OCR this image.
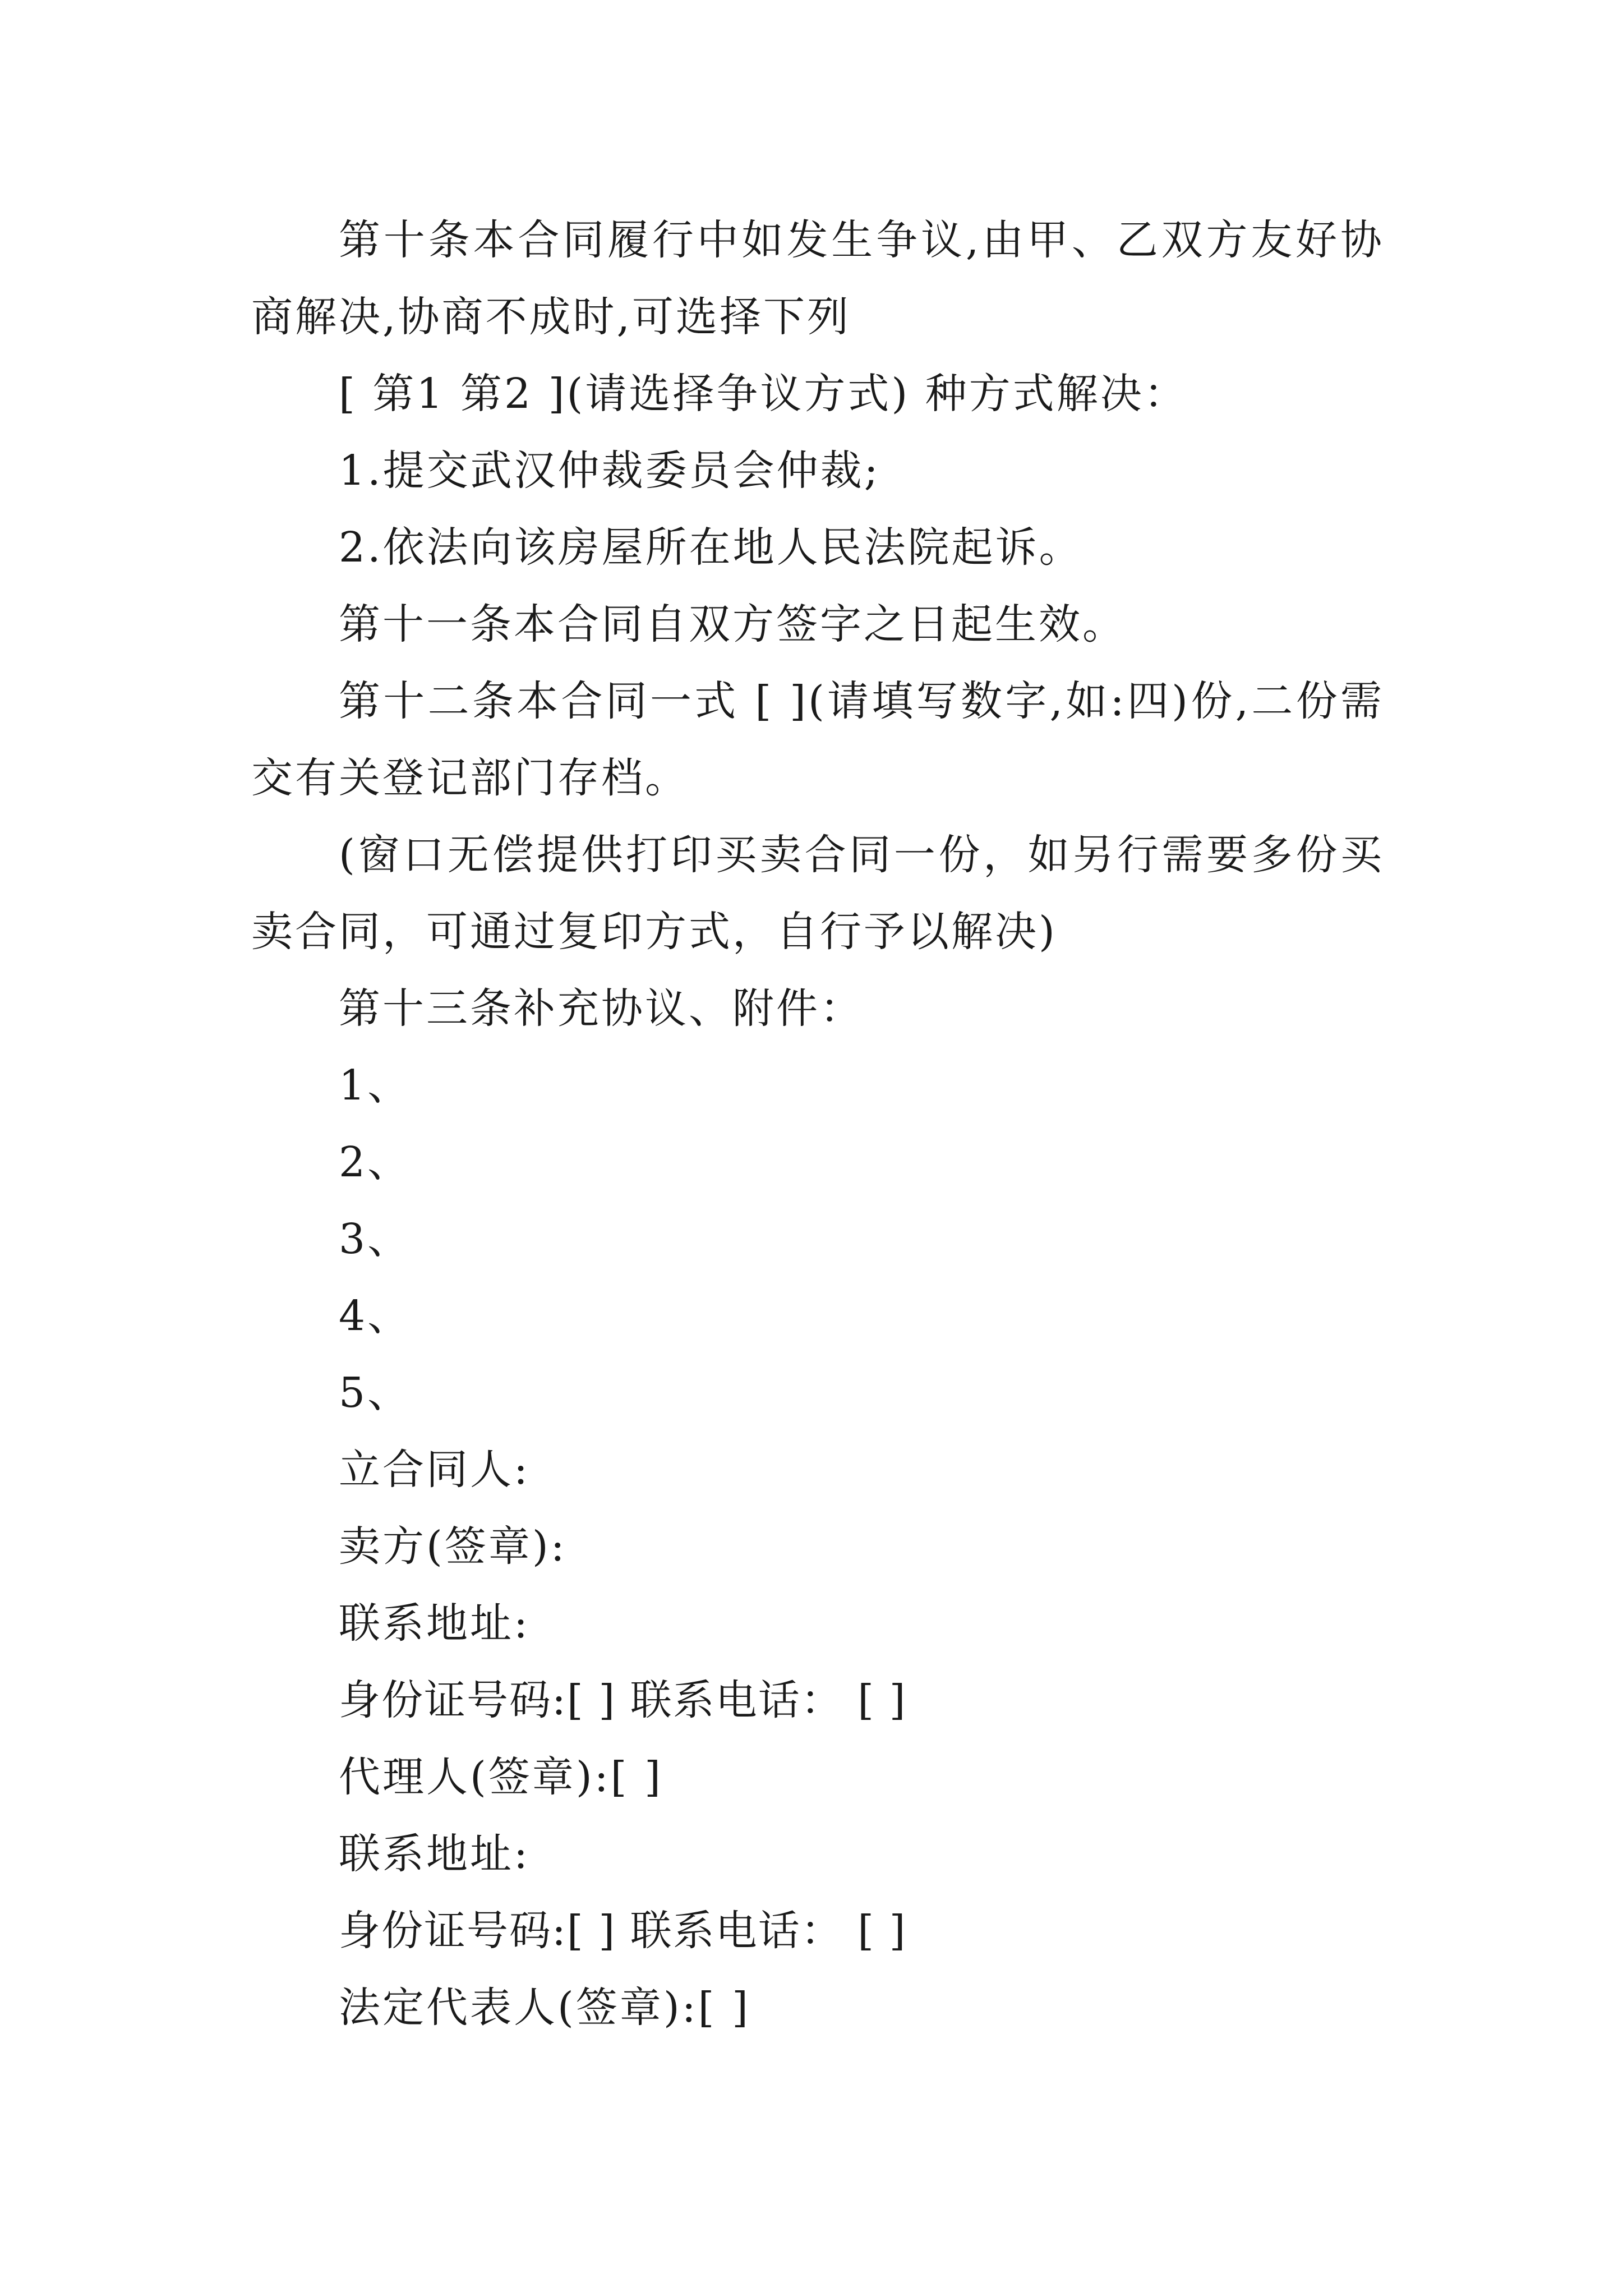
第十条本合同履行中如发生争议,由甲、乙双方友好协商解决,协商不成时,可选择下列

[ 第1 第2 ](请选择争议方式) 种方式解决：

1.提交武汉仲裁委员会仲裁;

2.依法向该房屋所在地人民法院起诉。

第十一条本合同自双方签字之日起生效。

第十二条本合同一式 [ ](请填写数字,如:四)份,二份需交有关登记部门存档。

(窗口无偿提供打印买卖合同一份，如另行需要多份买卖合同，可通过复印方式，自行予以解决)

第十三条补充协议、附件：

1、

2、

3、

4、

5、

立合同人:

卖方(签章):

联系地址:

身份证号码:[ ] 联系电话： [ ]

代理人(签章):[ ]

联系地址:

身份证号码:[ ] 联系电话： [ ]

法定代表人(签章):[ ]
